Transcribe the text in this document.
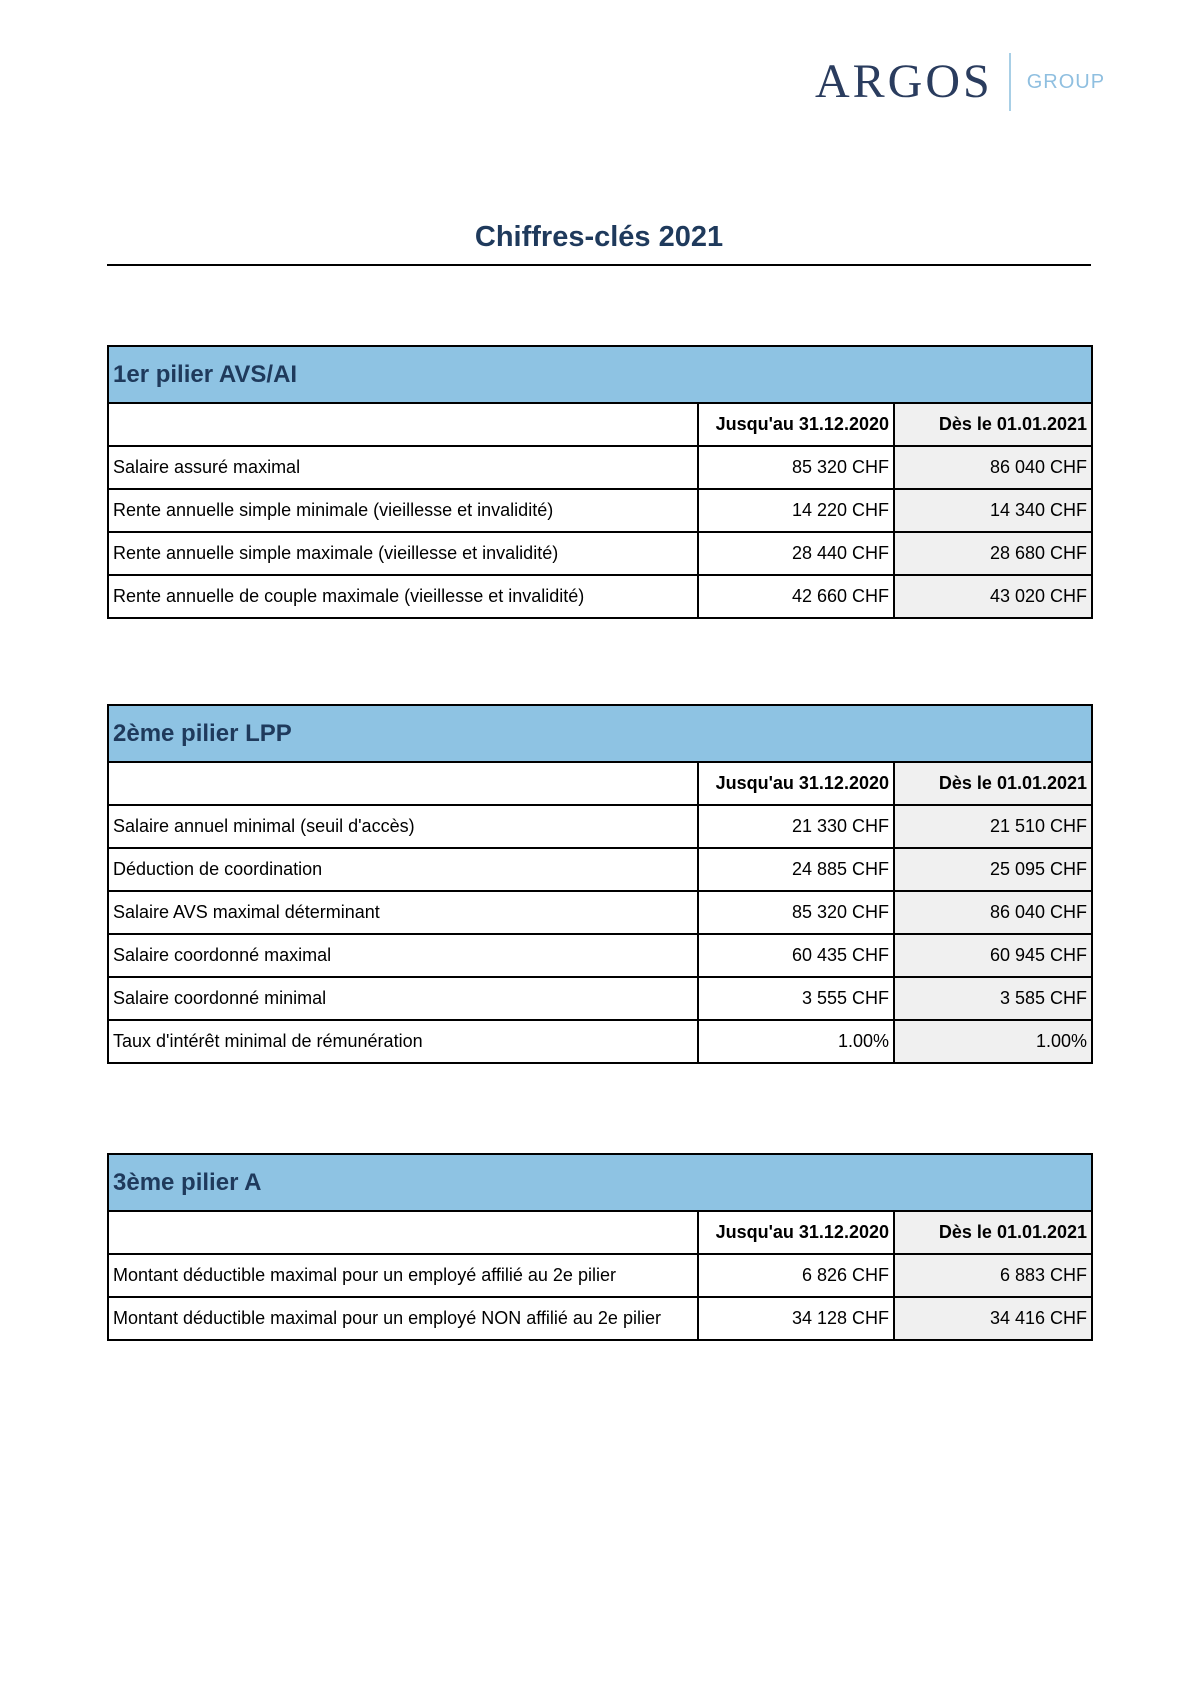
ARGOS GROUP
Chiffres-clés 2021
1er pilier AVS/AI		
	Jusqu'au 31.12.2020	Dès le 01.01.2021
Salaire assuré maximal	85 320 CHF	86 040 CHF
Rente annuelle simple minimale (vieillesse et invalidité)	14 220 CHF	14 340 CHF
Rente annuelle simple maximale (vieillesse et invalidité)	28 440 CHF	28 680 CHF
Rente annuelle de couple maximale (vieillesse et invalidité)	42 660 CHF	43 020 CHF
2ème pilier LPP		
	Jusqu'au 31.12.2020	Dès le 01.01.2021
Salaire annuel minimal (seuil d'accès)	21 330 CHF	21 510 CHF
Déduction de coordination	24 885 CHF	25 095 CHF
Salaire AVS maximal déterminant	85 320 CHF	86 040 CHF
Salaire coordonné maximal	60 435 CHF	60 945 CHF
Salaire coordonné minimal	3 555 CHF	3 585 CHF
Taux d'intérêt minimal de rémunération	1.00%	1.00%
3ème pilier A		
	Jusqu'au 31.12.2020	Dès le 01.01.2021
Montant déductible maximal pour un employé affilié au 2e pilier	6 826 CHF	6 883 CHF
Montant déductible maximal pour un employé NON affilié au 2e pilier	34 128 CHF	34 416 CHF
